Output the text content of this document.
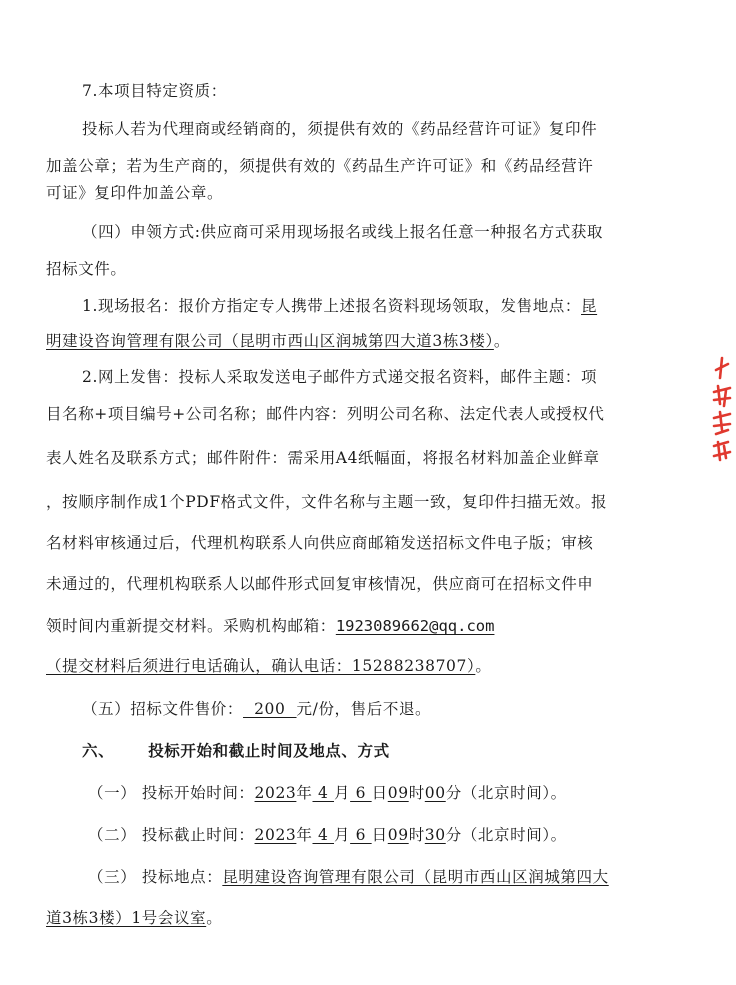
7.本项目特定资质：
投标人若为代理商或经销商的，须提供有效的《药品经营许可证》复印件
加盖公章；若为生产商的，须提供有效的《药品生产许可证》和《药品经营许
可证》复印件加盖公章。
（四）申领方式:供应商可采用现场报名或线上报名任意一种报名方式获取
招标文件。
1.现场报名：报价方指定专人携带上述报名资料现场领取，发售地点：昆
明建设咨询管理有限公司（昆明市西山区润城第四大道3栋3楼）。
2.网上发售：投标人采取发送电子邮件方式递交报名资料，邮件主题：项
目名称+项目编号+公司名称；邮件内容：列明公司名称、法定代表人或授权代
表人姓名及联系方式；邮件附件：需采用A4纸幅面，将报名材料加盖企业鲜章
，按顺序制作成1个PDF格式文件，文件名称与主题一致，复印件扫描无效。报
名材料审核通过后，代理机构联系人向供应商邮箱发送招标文件电子版；审核
未通过的，代理机构联系人以邮件形式回复审核情况，供应商可在招标文件申
领时间内重新提交材料。采购机构邮箱：1923089662@qq.com
（提交材料后须进行电话确认，确认电话：15288238707）。
（五）招标文件售价：  200  元/份，售后不退。
六、 投标开始和截止时间及地点、方式
（一） 投标开始时间：2023年 4 月 6 日09时00分（北京时间）。
（二） 投标截止时间：2023年 4 月 6 日09时30分（北京时间）。
（三） 投标地点：昆明建设咨询管理有限公司（昆明市西山区润城第四大
道3栋3楼）1号会议室。
